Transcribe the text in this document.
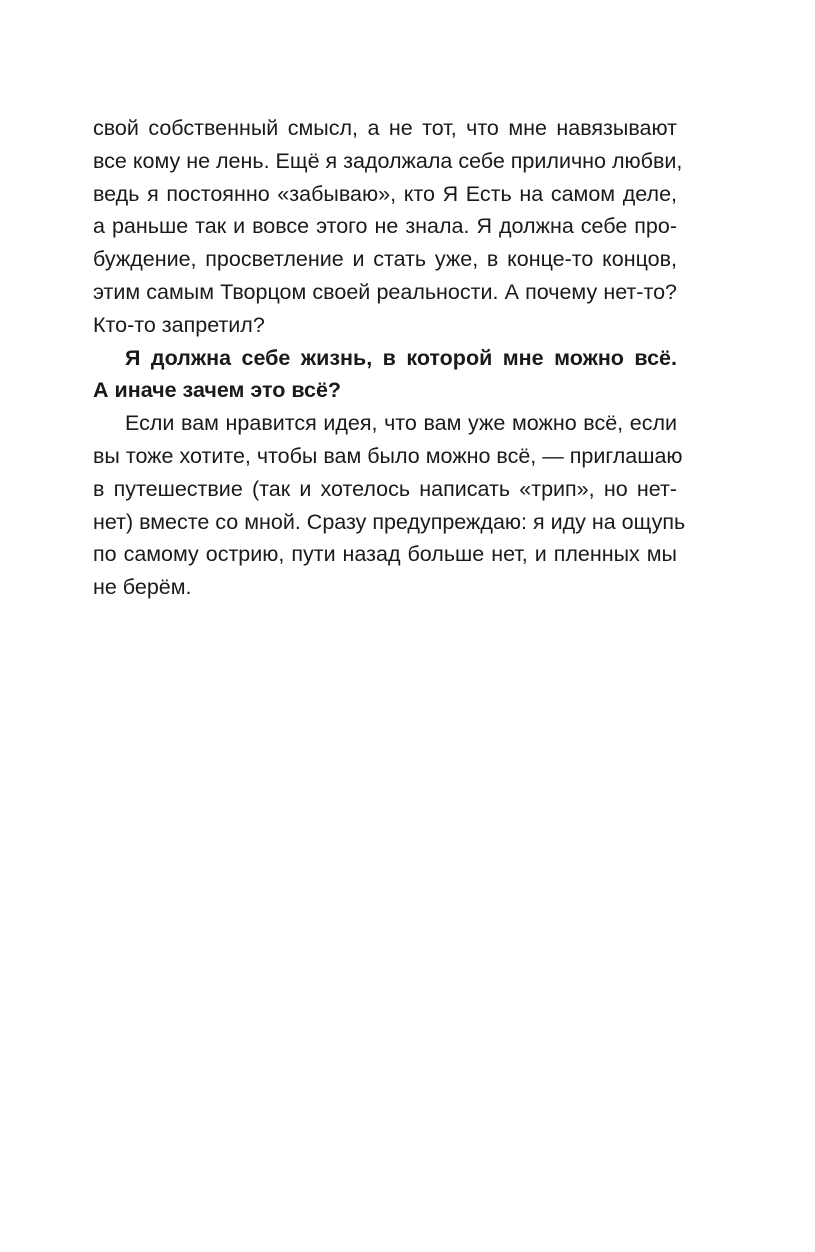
свой собственный смысл, а не тот, что мне навязывают
все кому не лень. Ещё я задолжала себе прилично любви,
ведь я постоянно «забываю», кто Я Есть на самом деле,
а раньше так и вовсе этого не знала. Я должна себе про-
буждение, просветление и стать уже, в конце-то концов,
этим самым Творцом своей реальности. А почему нет-то?
Кто-то запретил?
Я должна себе жизнь, в которой мне можно всё.
А иначе зачем это всё?
Если вам нравится идея, что вам уже можно всё, если
вы тоже хотите, чтобы вам было можно всё, — приглашаю
в путешествие (так и хотелось написать «трип», но нет-
нет) вместе со мной. Сразу предупреждаю: я иду на ощупь
по самому острию, пути назад больше нет, и пленных мы
не берём.
